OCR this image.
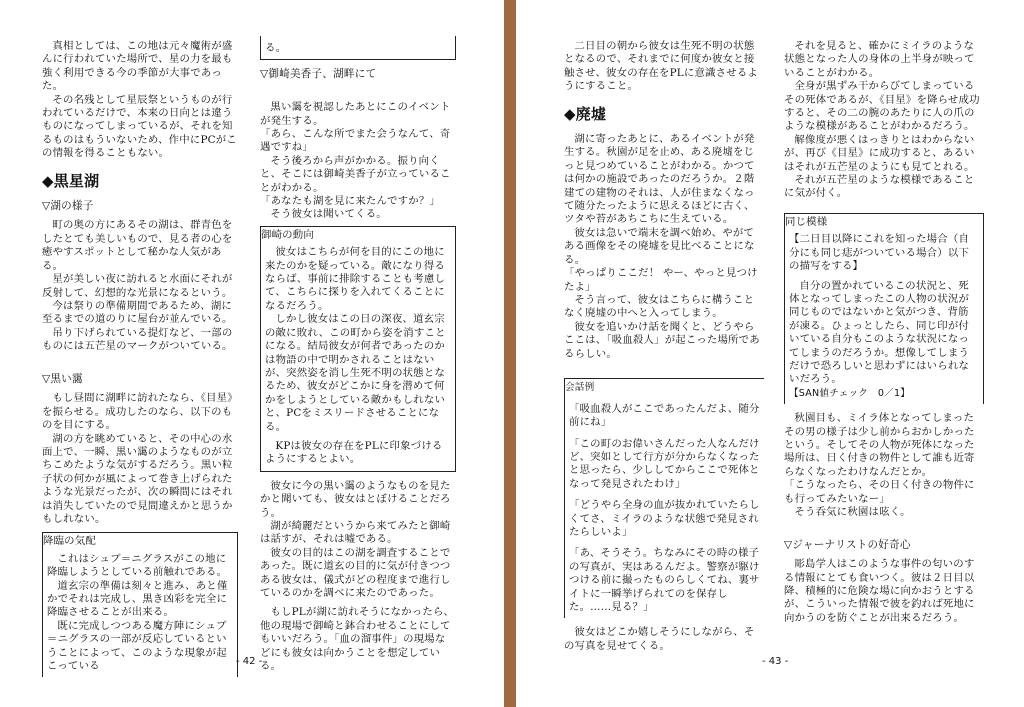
真相としては、この地は元々魔術が盛んに行われていた場所で、星の力を最も強く利用できる今の季節が大事であった。

その名残として星辰祭というものが行われているだけで、本来の日向とは違うものになってしまっているが、それを知るものはもういないため、作中にPCがこの情報を得ることもない。

◆黒星湖
▽湖の様子

町の奥の方にあるその湖は、群青色をしたとても美しいもので、見る者の心を癒やすスポットとして秘かな人気がある。

星が美しい夜に訪れると水面にそれが反射して、幻想的な光景になるという。

今は祭りの準備期間であるため、湖に至るまでの道のりに屋台が並んでいる。

吊り下げられている提灯など、一部のものには五芒星のマークがついている。

▽黒い靄

もし昼間に湖畔に訪れたなら、《目星》を振らせる。成功したのなら、以下のものを目にする。

湖の方を眺めていると、その中心の水面上で、一瞬、黒い靄のようなものが立ちこめたような気がするだろう。黒い粒子状の何かが風によって巻き上げられたような光景だったが、次の瞬間にはそれは消失していたので見間違えかと思うかもしれない。

降臨の気配

これはシュブ＝ニグラスがこの地に降臨しようとしている前触れである。

道玄宗の準備は刻々と進み、あと僅かでそれは完成し、黒き凶彩を完全に降臨させることが出来る。

既に完成しつつある魔方陣にシュブ＝ニグラスの一部が反応しているということによって、このような現象が起こっている

る。

▽御崎美香子、湖畔にて

黒い靄を視認したあとにこのイベントが発生する。

「あら、こんな所でまた会うなんて、奇遇ですね」

そう後ろから声がかかる。振り向くと、そこには御崎美香子が立っていることがわかる。

「あなたも湖を見に来たんですか？」

そう彼女は聞いてくる。

御崎の動向

彼女はこちらが何を目的にこの地に来たのかを疑っている。敵になり得るならば、事前に排除することも考慮して、こちらに探りを入れてくることになるだろう。

しかし彼女はこの日の深夜、道玄宗の敵に敗れ、この町から姿を消すことになる。結局彼女が何者であったのかは物語の中で明かされることはないが、突然姿を消し生死不明の状態となるため、彼女がどこかに身を潜めて何かをしようとしている敵かもしれないと、PCをミスリードさせることになる。

KPは彼女の存在をPLに印象づけるようにするとよい。

彼女に今の黒い靄のようなものを見たかと聞いても、彼女はとぼけることだろう。

湖が綺麗だというから来てみたと御崎は話すが、それは嘘である。

彼女の目的はこの湖を調査することであった。既に道玄の目的に気が付きつつある彼女は、儀式がどの程度まで進行しているのかを調べに来たのであった。

もしPLが湖に訪れそうになかったら、他の現場で御崎と鉢合わせることにしてもいいだろう。「血の溜事件」の現場などにも彼女は向かうことを想定している。

- 42 -

二日目の朝から彼女は生死不明の状態となるので、それまでに何度か彼女と接触させ、彼女の存在をPLに意識させるようにすること。

◆廃墟

湖に寄ったあとに、あるイベントが発生する。秋園が足を止め、ある廃墟をじっと見つめていることがわかる。かつては何かの施設であったのだろうか。２階建ての建物のそれは、人が住まなくなって随分たったように思えるほどに古く、ツタや苔があちこちに生えている。

彼女は急いで端末を調べ始め、やがてある画像をその廃墟を見比べることになる。

「やっぱりここだ！ やー、やっと見つけたよ」

そう言って、彼女はこちらに構うことなく廃墟の中へと入ってしまう。

彼女を追いかけ話を聞くと、どうやらここは、「吸血殺人」が起こった場所であるらしい。

会話例

「吸血殺人がここであったんだよ、随分前にね」

「この町のお偉いさんだった人なんだけど、突如として行方が分からなくなったと思ったら、少ししてからここで死体となって発見されたわけ」

「どうやら全身の血が抜かれていたらしくてさ、ミイラのような状態で発見されたらしいよ」

「あ、そうそう。ちなみにその時の様子の写真が、実はあるんだよ。警察が駆けつける前に撮ったものらしくてね、裏サイトに一瞬挙げられてのを保存した。……見る？」

彼女はどこか嬉しそうにしながら、その写真を見せてくる。

それを見ると、確かにミイラのような状態となった人の身体の上半身が映っていることがわかる。

全身が黒ずみ干からびてしまっているその死体であるが、《目星》を降らせ成功すると、その二の腕のあたりに人の爪のような模様があることがわかるだろう。

解像度が悪くはっきりとはわからないが、再び《目星》に成功すると、あるいはそれが五芒星のようにも見てとれる。

それが五芒星のような模様であることに気が付く。

同じ模様

【二日目以降にこれを知った場合（自分にも同じ痣がついている場合）以下の描写をする】

自分の置かれているこの状況と、死体となってしまったこの人物の状況が同じものではないかと気がつき、背筋が凍る。ひょっとしたら、同じ印が付いている自分もこのような状況になってしまうのだろうか。想像してしまうだけで恐ろしいと思わずにはいられないだろう。

【SAN値チェック　0／1】

秋園目も、ミイラ体となってしまったその男の様子は少し前からおかしかったという。そしてその人物が死体になった場所は、日く付きの物件として誰も近寄らなくなったわけなんだとか。

「こうなったら、その日く付きの物件にも行ってみたいなー」

そう呑気に秋園は呟く。

▽ジャーナリストの好奇心

彫島学人はこのような事件の匂いのする情報にとても食いつく。彼は２日目以降、積極的に危険な場に向かおうとするが、こういった情報で彼を釣れば死地に向かうのを防ぐことが出来るだろう。

- 43 -
